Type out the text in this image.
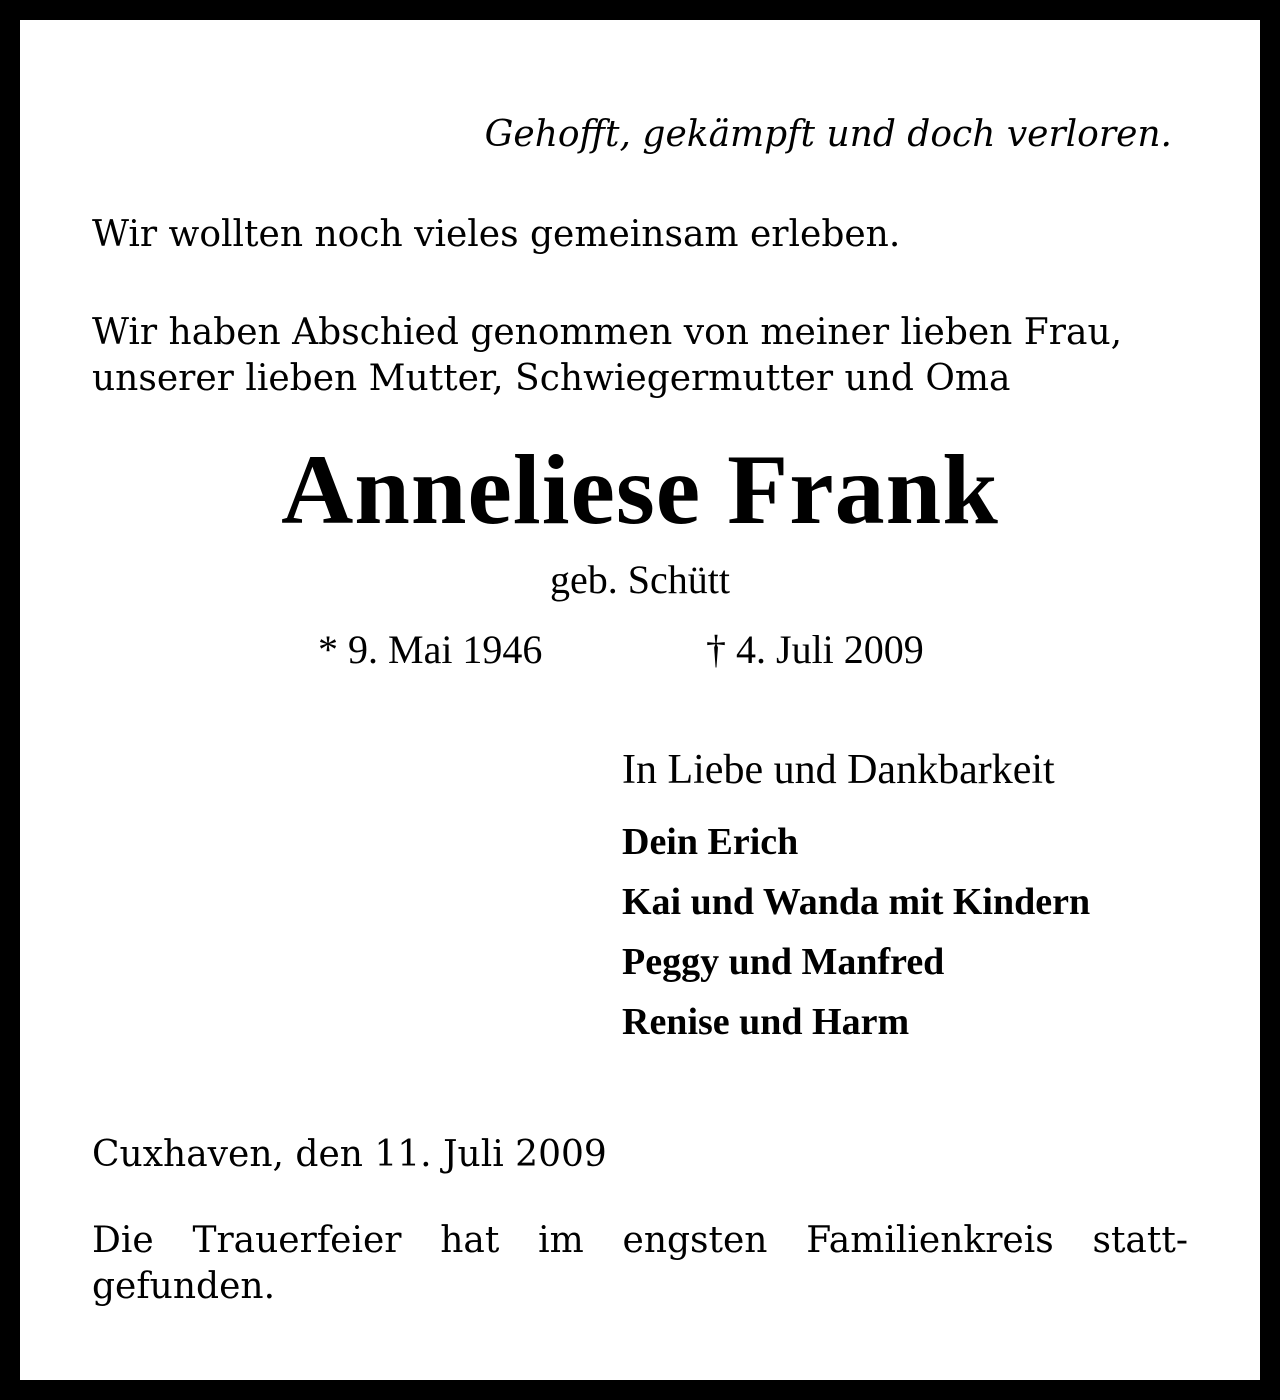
Gehofft, gekämpft und doch verloren.

Wir wollten noch vieles gemeinsam erleben.

Wir haben Abschied genommen von meiner lieben Frau,

unserer lieben Mutter, Schwiegermutter und Oma

Anneliese Frank

geb. Schütt

* 9. Mai 1946	† 4. Juli 2009

In Liebe und Dankbarkeit

Dein Erich

Kai und Wanda mit Kindern

Peggy und Manfred

Renise und Harm

Cuxhaven, den 11. Juli 2009

Die Trauerfeier hat im engsten Familienkreis statt-
gefunden.
